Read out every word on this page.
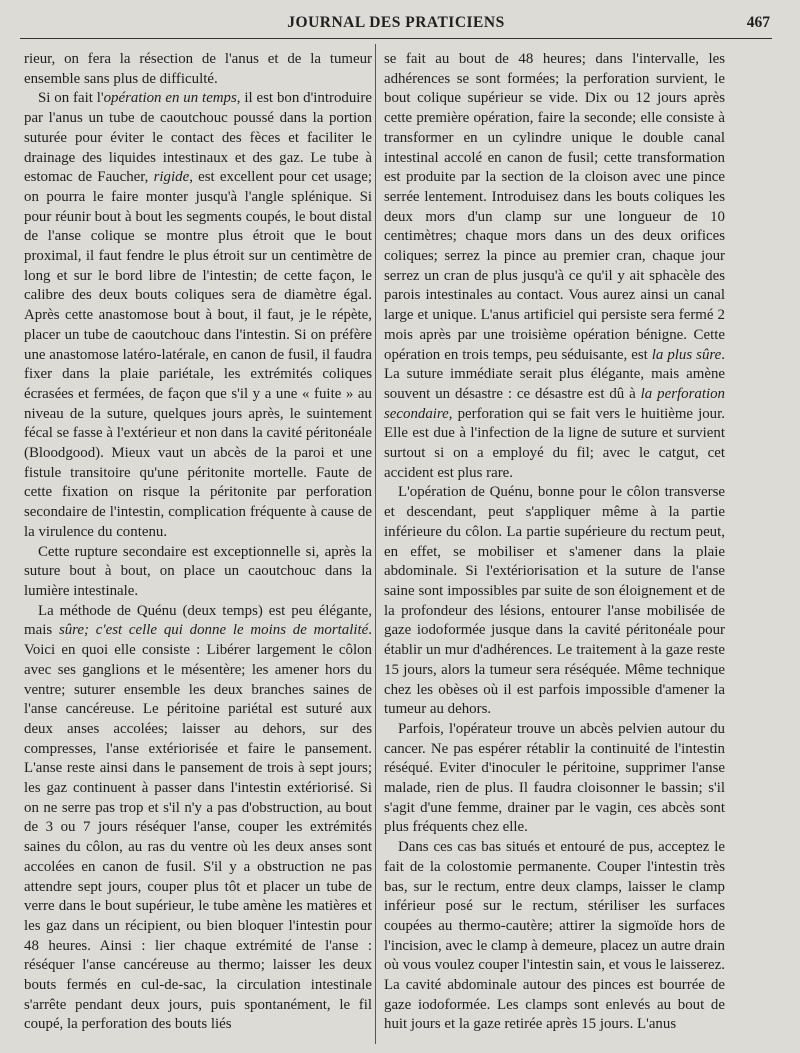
JOURNAL DES PRATICIENS	467

rieur, on fera la résection de l'anus et de la tumeur ensemble sans plus de difficulté.

Si on fait l'opération en un temps, il est bon d'introduire par l'anus un tube de caoutchouc poussé dans la portion suturée pour éviter le contact des fèces et faciliter le drainage des liquides intestinaux et des gaz. Le tube à estomac de Faucher, rigide, est excellent pour cet usage; on pourra le faire monter jusqu'à l'angle splénique. Si pour réunir bout à bout les segments coupés, le bout distal de l'anse colique se montre plus étroit que le bout proximal, il faut fendre le plus étroit sur un centimètre de long et sur le bord libre de l'intestin; de cette façon, le calibre des deux bouts coliques sera de diamètre égal. Après cette anastomose bout à bout, il faut, je le répète, placer un tube de caoutchouc dans l'intestin. Si on préfère une anastomose latéro-latérale, en canon de fusil, il faudra fixer dans la plaie pariétale, les extrémités coliques écrasées et fermées, de façon que s'il y a une « fuite » au niveau de la suture, quelques jours après, le suintement fécal se fasse à l'extérieur et non dans la cavité péritonéale (Bloodgood). Mieux vaut un abcès de la paroi et une fistule transitoire qu'une péritonite mortelle. Faute de cette fixation on risque la péritonite par perforation secondaire de l'intestin, complication fréquente à cause de la virulence du contenu.

Cette rupture secondaire est exceptionnelle si, après la suture bout à bout, on place un caoutchouc dans la lumière intestinale.

La méthode de Quénu (deux temps) est peu élégante, mais sûre; c'est celle qui donne le moins de mortalité. Voici en quoi elle consiste : Libérer largement le côlon avec ses ganglions et le mésentère; les amener hors du ventre; suturer ensemble les deux branches saines de l'anse cancéreuse. Le péritoine pariétal est suturé aux deux anses accolées; laisser au dehors, sur des compresses, l'anse extériorisée et faire le pansement. L'anse reste ainsi dans le pansement de trois à sept jours; les gaz continuent à passer dans l'intestin extériorisé. Si on ne serre pas trop et s'il n'y a pas d'obstruction, au bout de 3 ou 7 jours réséquer l'anse, couper les extrémités saines du côlon, au ras du ventre où les deux anses sont accolées en canon de fusil. S'il y a obstruction ne pas attendre sept jours, couper plus tôt et placer un tube de verre dans le bout supérieur, le tube amène les matières et les gaz dans un récipient, ou bien bloquer l'intestin pour 48 heures. Ainsi : lier chaque extrémité de l'anse : réséquer l'anse cancéreuse au thermo; laisser les deux bouts fermés en cul-de-sac, la circulation intestinale s'arrête pendant deux jours, puis spontanément, le fil coupé, la perforation des bouts liés

se fait au bout de 48 heures; dans l'intervalle, les adhérences se sont formées; la perforation survient, le bout colique supérieur se vide. Dix ou 12 jours après cette première opération, faire la seconde; elle consiste à transformer en un cylindre unique le double canal intestinal accolé en canon de fusil; cette transformation est produite par la section de la cloison avec une pince serrée lentement. Introduisez dans les bouts coliques les deux mors d'un clamp sur une longueur de 10 centimètres; chaque mors dans un des deux orifices coliques; serrez la pince au premier cran, chaque jour serrez un cran de plus jusqu'à ce qu'il y ait sphacèle des parois intestinales au contact. Vous aurez ainsi un canal large et unique. L'anus artificiel qui persiste sera fermé 2 mois après par une troisième opération bénigne. Cette opération en trois temps, peu séduisante, est la plus sûre. La suture immédiate serait plus élégante, mais amène souvent un désastre : ce désastre est dû à la perforation secondaire, perforation qui se fait vers le huitième jour. Elle est due à l'infection de la ligne de suture et survient surtout si on a employé du fil; avec le catgut, cet accident est plus rare.

L'opération de Quénu, bonne pour le côlon transverse et descendant, peut s'appliquer même à la partie inférieure du côlon. La partie supérieure du rectum peut, en effet, se mobiliser et s'amener dans la plaie abdominale. Si l'extériorisation et la suture de l'anse saine sont impossibles par suite de son éloignement et de la profondeur des lésions, entourer l'anse mobilisée de gaze iodoformée jusque dans la cavité péritonéale pour établir un mur d'adhérences. Le traitement à la gaze reste 15 jours, alors la tumeur sera réséquée. Même technique chez les obèses où il est parfois impossible d'amener la tumeur au dehors.

Parfois, l'opérateur trouve un abcès pelvien autour du cancer. Ne pas espérer rétablir la continuité de l'intestin réséqué. Eviter d'inoculer le péritoine, supprimer l'anse malade, rien de plus. Il faudra cloisonner le bassin; s'il s'agit d'une femme, drainer par le vagin, ces abcès sont plus fréquents chez elle.

Dans ces cas bas situés et entouré de pus, acceptez le fait de la colostomie permanente. Couper l'intestin très bas, sur le rectum, entre deux clamps, laisser le clamp inférieur posé sur le rectum, stériliser les surfaces coupées au thermo-cautère; attirer la sigmoïde hors de l'incision, avec le clamp à demeure, placez un autre drain où vous voulez couper l'intestin sain, et vous le laisserez. La cavité abdominale autour des pinces est bourrée de gaze iodoformée. Les clamps sont enlevés au bout de huit jours et la gaze retirée après 15 jours. L'anus
